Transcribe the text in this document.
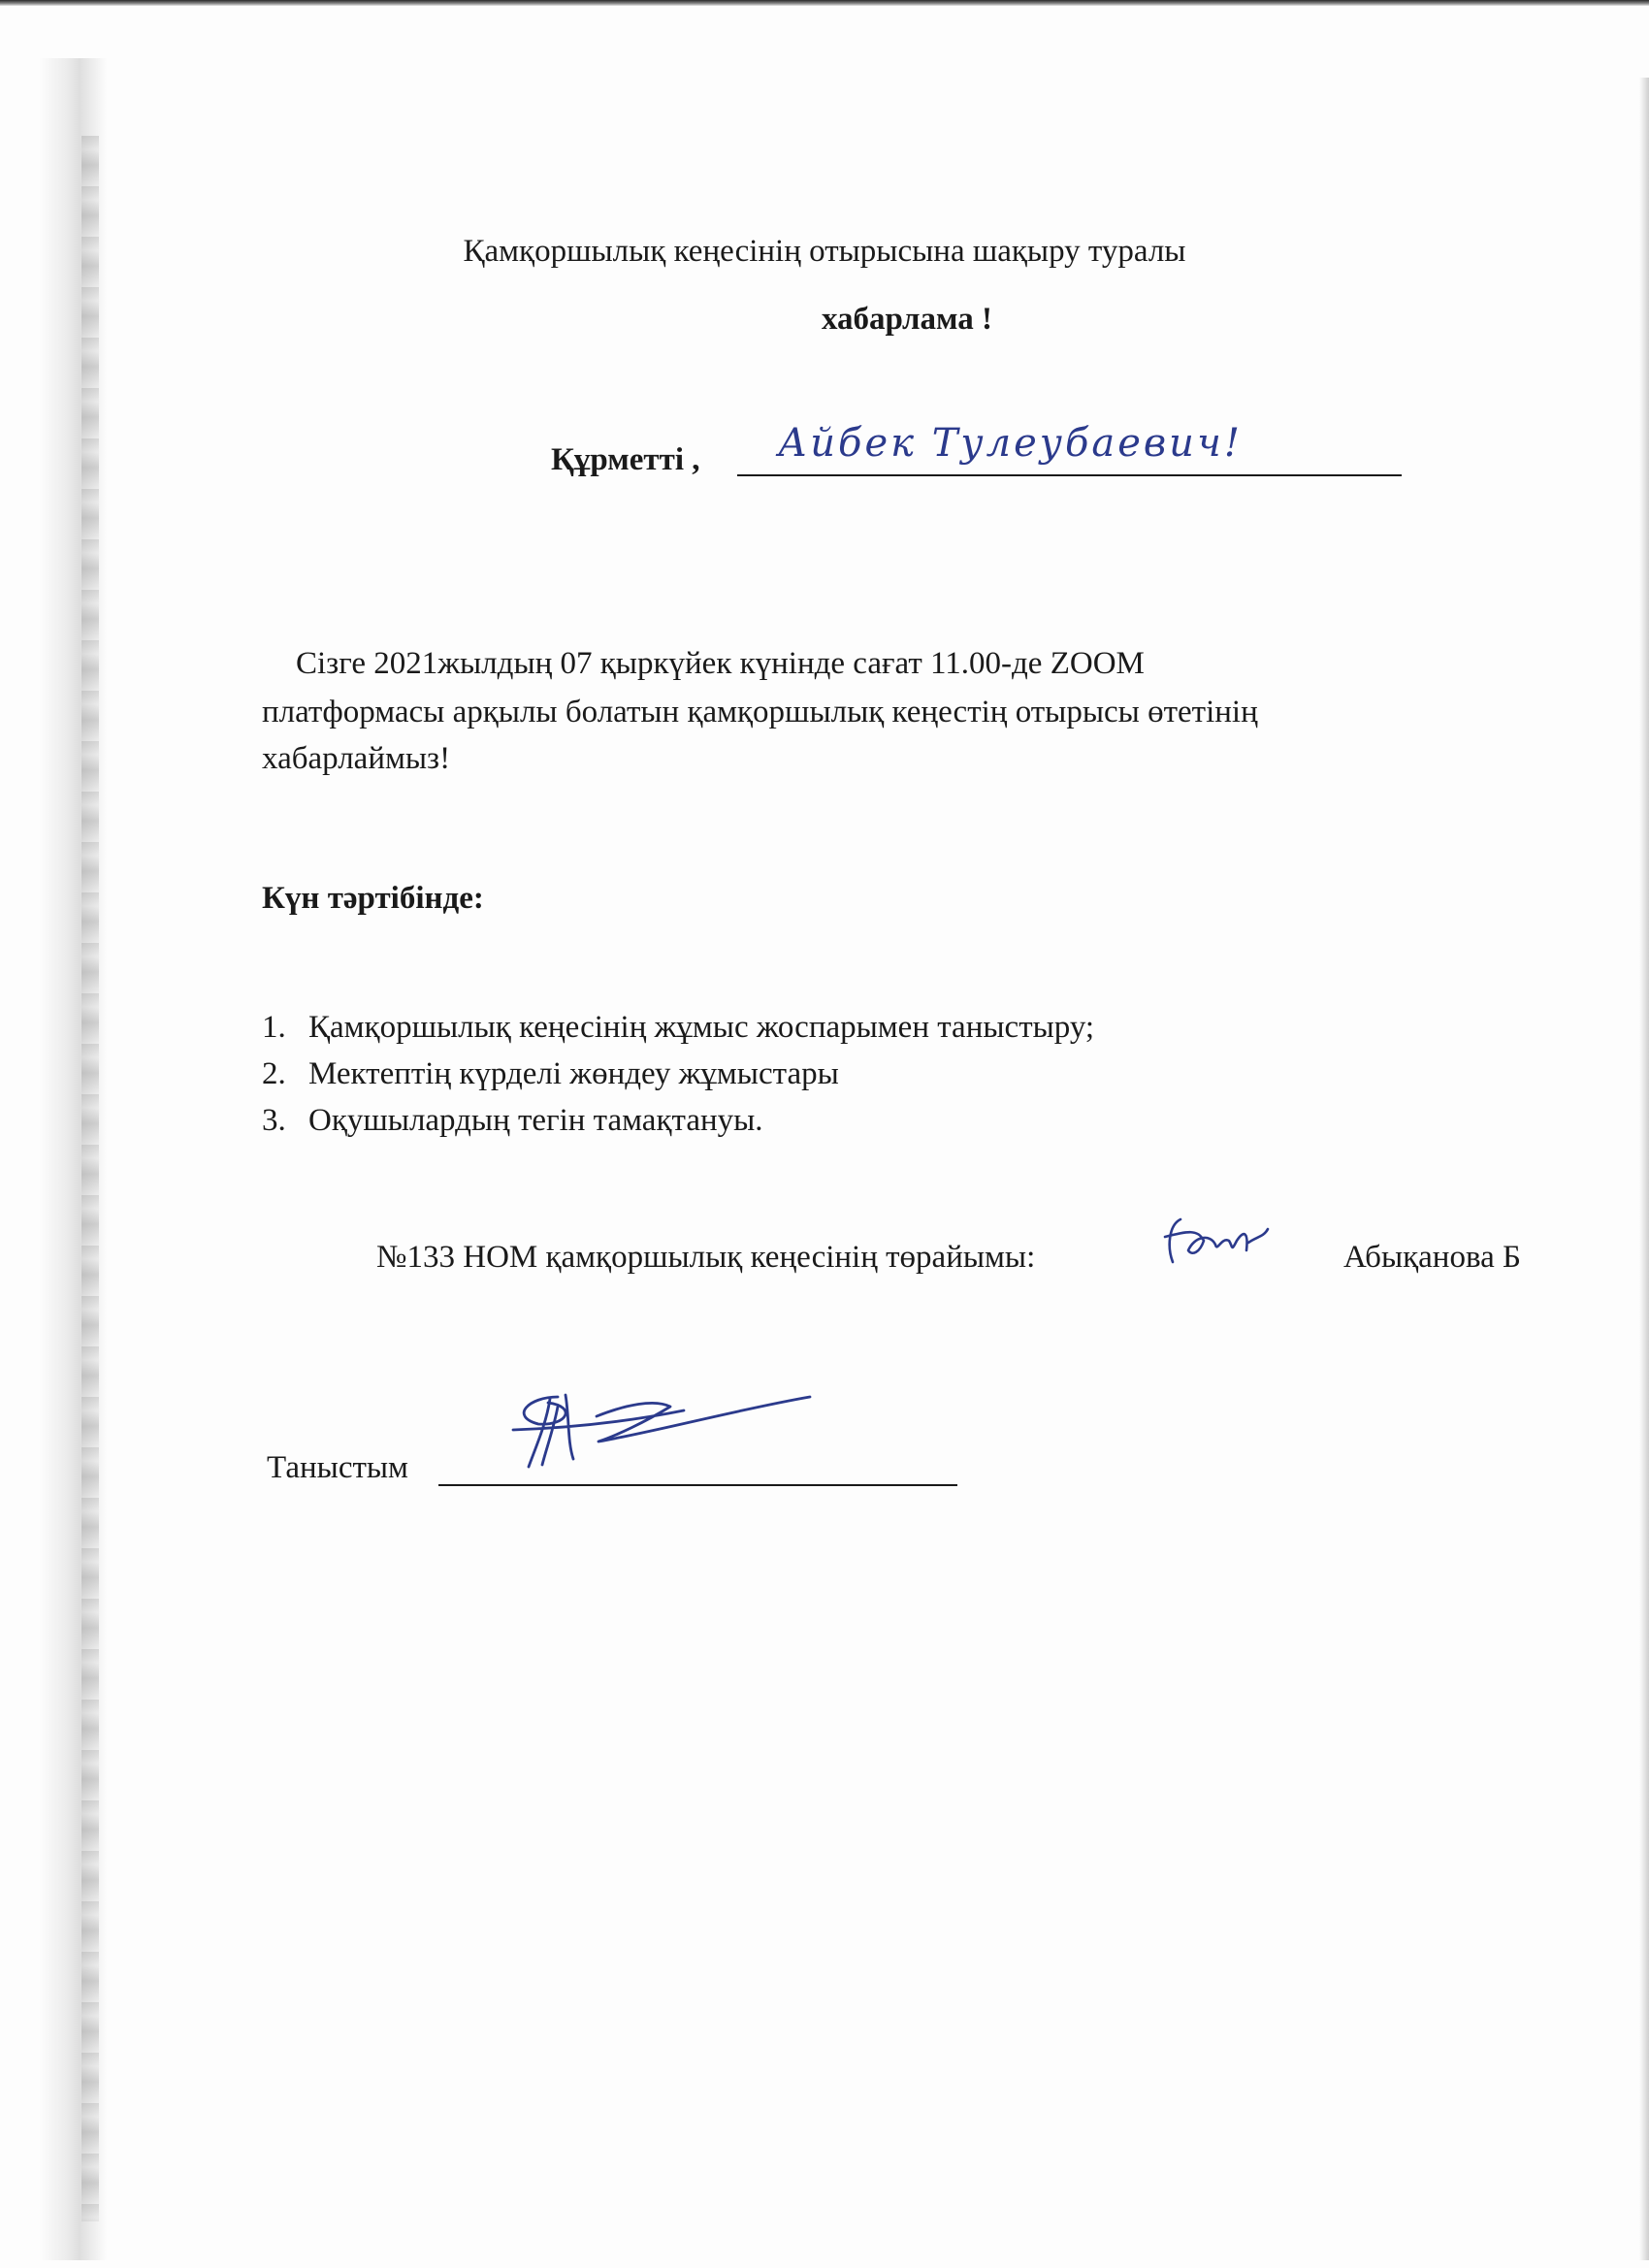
Қамқоршылық кеңесінің отырысына шақыру туралы
хабарлама !
Құрметті , Айбек Тулеубаевич!
Сізге 2021жылдың 07 қыркүйек күнінде сағат 11.00-де ZOOM
платформасы арқылы болатын қамқоршылық кеңестің отырысы өтетінің
хабарлаймыз!
Күн тәртібінде:
1. Қамқоршылық кеңесінің жұмыс жоспарымен таныстыру;
2. Мектептің күрделі жөндеу жұмыстары
3. Оқушылардың тегін тамақтануы.
№133 НОМ қамқоршылық кеңесінің төрайымы:	Абықанова Б
Таныстым
